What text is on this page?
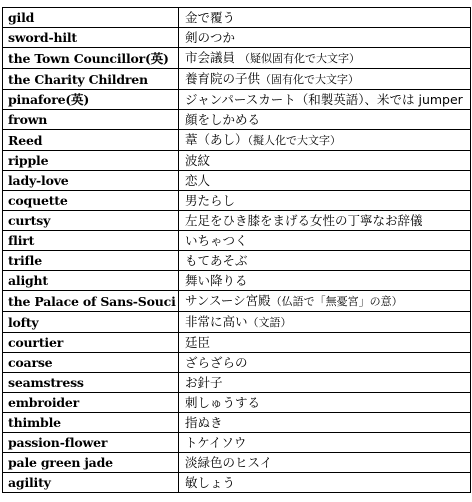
gild	金で覆う
sword-hilt	剣のつか
the Town Councillor(英)	市会議員 （疑似固有化で大文字）
the Charity Children	養育院の子供（固有化で大文字）
pinafore(英)	ジャンパースカート（和製英語）、米では jumper
frown	顔をしかめる
Reed	葦（あし）（擬人化で大文字）
ripple	波紋
lady-love	恋人
coquette	男たらし
curtsy	左足をひき膝をまげる女性の丁寧なお辞儀
flirt	いちゃつく
trifle	もてあそぶ
alight	舞い降りる
the Palace of Sans-Souci	サンスーシ宮殿（仏語で「無憂宮」の意）
lofty	非常に高い（文語）
courtier	廷臣
coarse	ざらざらの
seamstress	お針子
embroider	刺しゅうする
thimble	指ぬき
passion-flower	トケイソウ
pale green jade	淡緑色のヒスイ
agility	敏しょう
